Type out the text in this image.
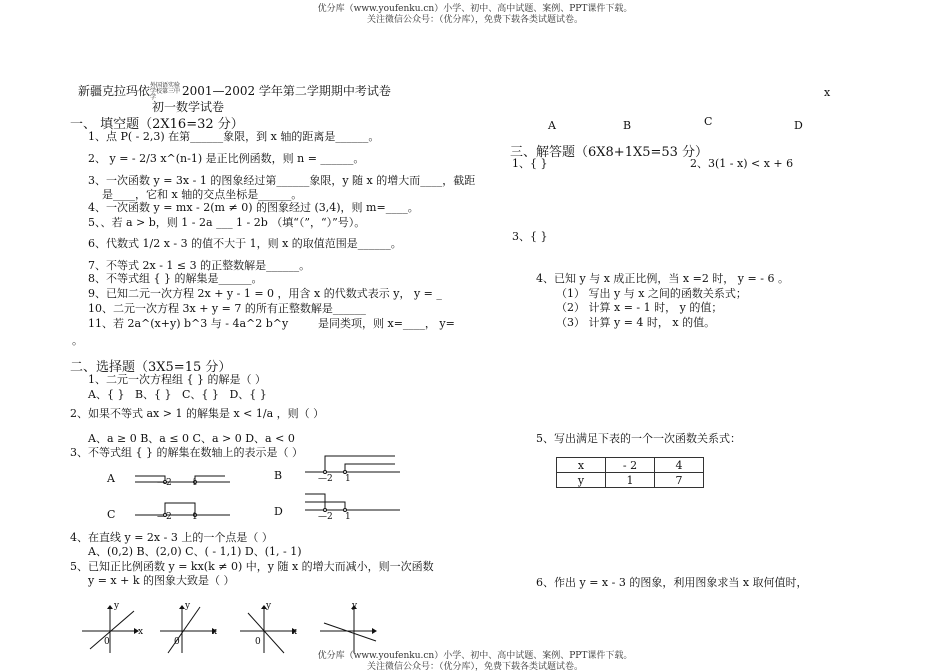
优分库（www.youfenku.cn）小学、初中、高中试题、案例、PPT课件下载。
关注微信公众号：（优分库），免费下载各类试题试卷。
新疆克拉玛依外国语实验学校第三中学 2001—2002 学年第二学期期中考试卷
初一数学试卷
x
一、 填空题（2X16=32 分）
1、点 P( - 2,3) 在第______象限，到 x 轴的距离是______。
2、 y = - 2/3 x^(n-1) 是正比例函数，则 n = ______。
3、一次函数 y = 3x - 1 的图象经过第______象限，y 随 x 的增大而____，截距
是____，它和 x 轴的交点坐标是______。
4、一次函数 y = mx - 2(m ≠ 0) 的图象经过 (3,4)，则 m=____。
5、、若 a > b，则 1 - 2a ___ 1 - 2b （填“（”，“）”号）。
6、代数式 1/2 x - 3 的值不大于 1，则 x 的取值范围是______。
7、不等式 2x - 1 ≤ 3 的正整数解是______。
8、不等式组 { } 的解集是______。
9、已知二元一次方程 2x + y - 1 = 0 ，用含 x 的代数式表示 y， y = _
10、二元一次方程 3x + y = 7 的所有正整数解是______
11、若 2a^(x+y) b^3 与 - 4a^2 b^y	是同类项，则 x=____， y=
。
二、选择题（3X5=15 分）
1、二元一次方程组 { } 的解是（ ）
A、{ } B、{ } C、{ } D、{ }
2、如果不等式 ax > 1 的解集是 x < 1/a ，则（ ）
A、a ≥ 0 B、a ≤ 0 C、a > 0 D、a < 0
3、不等式组 { } 的解集在数轴上的表示是（ ）
A	B
C	D
—2 1	—2 1
—2 1	—2 1
4、在直线 y = 2x - 3 上的一个点是（ ）
A、(0,2) B、(2,0) C、( - 1,1) D、(1, - 1)
5、已知正比例函数 y = kx(k ≠ 0) 中，y 随 x 的增大而减小，则一次函数
y = x + k 的图象大致是（ ）
y
x
0
y
x
0
y
x
0
y
A	B	C	D
三、解答题（6X8+1X5=53 分）
1、{ }	2、3(1 - x) < x + 6
3、{ }
4、已知 y 与 x 成正比例，当 x =2 时， y = - 6 。
（1） 写出 y 与 x 之间的函数关系式；
（2） 计算 x = - 1 时， y 的值；
（3） 计算 y = 4 时， x 的值。
5、写出满足下表的一个一次函数关系式：
x	- 2	4
y	1	7
6、作出 y = x - 3 的图象，利用图象求当 x 取何值时，
优分库（www.youfenku.cn）小学、初中、高中试题、案例、PPT课件下载。
关注微信公众号：（优分库），免费下载各类试题试卷。
